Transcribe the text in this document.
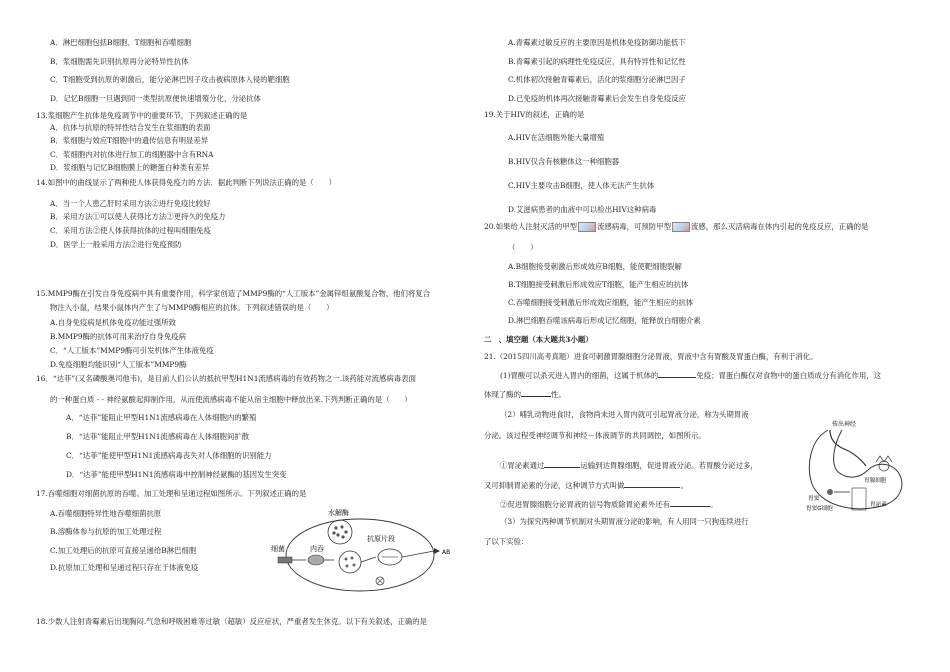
A．淋巴细胞包括B细胞、T细胞和吞噬细胞
B．浆细胞需先识别抗原再分泌特异性抗体
C．T细胞受到抗原的刺激后，能分泌淋巴因子攻击被病原体入侵的靶细胞
D．记忆B细胞一旦遇到同一类型抗原便快速增殖分化，分泌抗体
13.浆细胞产生抗体是免疫调节中的重要环节，下列叙述正确的是
A．抗体与抗原的特异性结合发生在浆细胞的表面
B．浆细胞与效应T细胞中的遗传信息有明显差异
C．浆细胞内对抗体进行加工的细胞器中含有RNA
D．浆细胞与记忆B细胞膜上的糖蛋白种类有差异
14.如图中的曲线显示了两种使人体获得免疫力的方法．据此判断下列说法正确的是（　　）
A．当一个人患乙肝时采用方法②进行免疫比较好
B．采用方法①可以使人获得比方法②更持久的免疫力
C．采用方法②使人体获得抗体的过程叫细胞免疫
D．医学上一般采用方法②进行免疫预防
15.MMP9酶在引发自身免疫病中具有重要作用，科学家创造了MMP9酶的“人工版本”金属锌组氨酸复合物，他们将复合
物注入小鼠，结果小鼠体内产生了与MMP9酶相应的抗体。下列叙述错误的是（　　）
A.自身免疫病是机体免疫功能过强所致
B.MMP9酶的抗体可用来治疗自身免疫病
C．“人工版本”MMP9酶可引发机体产生体液免疫
D.免疫细胞均能识别“人工版本”MMP9酶
16．“达菲”(又名磷酸奥司他韦)，是目前人们公认的抵抗甲型H1N1流感病毒的有效药物之一.该药能对流感病毒表面
的一种蛋白质 - - 神经氨酸起抑制作用，从而使流感病毒不能从宿主细胞中释放出来.下列判断正确的是（　　）
A．“达菲”能阻止甲型H1N1流感病毒在人体细胞内的繁殖
B．“达菲”能阻止甲型H1N1流感病毒在人体细胞间扩散
C．“达菲”能使甲型H1N1流感病毒丧失对人体细胞的识别能力
D．“达菲”能使甲型H1N1流感病毒中控制神经氨酶的基因发生突变
17.吞噬细胞对细菌抗原的吞噬、加工处理和呈递过程如图所示。下列叙述正确的是
A.吞噬细胞特异性地吞噬细菌抗原
B.溶酶体参与抗原的加工处理过程
C.加工处理后的抗原可直接呈递给B淋巴细胞
D.抗原加工处理和呈递过程只存在于体液免疫
水解酶
细菌	内吞
抗原片段
AB
18.少数人注射青霉素后出现胸闷.气急和呼吸困难等过敏（超敏）反应症状，严重者发生休克。以下有关叙述，正确的是
A.青霉素过敏反应的主要原因是机体免疫防御功能低下
B.青霉素引起的病理性免疫反应，具有特异性和记忆性
C.机体初次接触青霉素后，活化的浆细胞分泌淋巴因子
D.已免疫的机体再次接触青霉素后会发生自身免疫反应
19.关于HIV的叙述，正确的是
A.HIV在活细胞外能大量增殖
B.HIV仅含有核糖体这一种细胞器
C.HIV主要攻击B细胞，使人体无法产生抗体
D.艾滋病患者的血液中可以检出HIV这种病毒
20.如果给人注射灭活的甲型	流感病毒，可预防甲型	流感，那么灭活病毒在体内引起的免疫反应，正确的是
（　　）
A.B细胞接受刺激后形成效应B细胞，能使靶细胞裂解
B.T细胞接受刺激后形成效应T细胞，能产生相应的抗体
C.吞噬细胞接受刺激后形成效应细胞，能产生相应的抗体
D.淋巴细胞吞噬该病毒后形成记忆细胞，能释放白细胞介素
二　、填空题（本大题共3小题）
21.（2015四川高考真题）进食可刺激胃腺细胞分泌胃液，胃液中含有胃酸及胃蛋白酶，有利于消化。
(1)胃酸可以杀灭进入胃内的细菌，这属于机体的	免疫；胃蛋白酶仅对食物中的蛋白质成分有消化作用，这
体现了酶的	性。
（2）哺乳动物进食时，食物尚未进入胃内就可引起胃液分泌，称为头期胃液
分泌。该过程受神经调节和神经－体液调节的共同调控，如图所示。
①胃泌素通过	运输到达胃腺细胞，促进胃液分泌。若胃酸分泌过多，
又可抑制胃泌素的分泌，这种调节方式叫做	。
②促进胃腺细胞分泌胃液的信号物质除胃泌素外还有	。
（3）为探究两种调节机制对头期胃液分泌的影响，有人用同一只狗连续进行
了以下实验：
传出神经
胃腺细胞
胃窦
胃窦G细胞
胃泌素
